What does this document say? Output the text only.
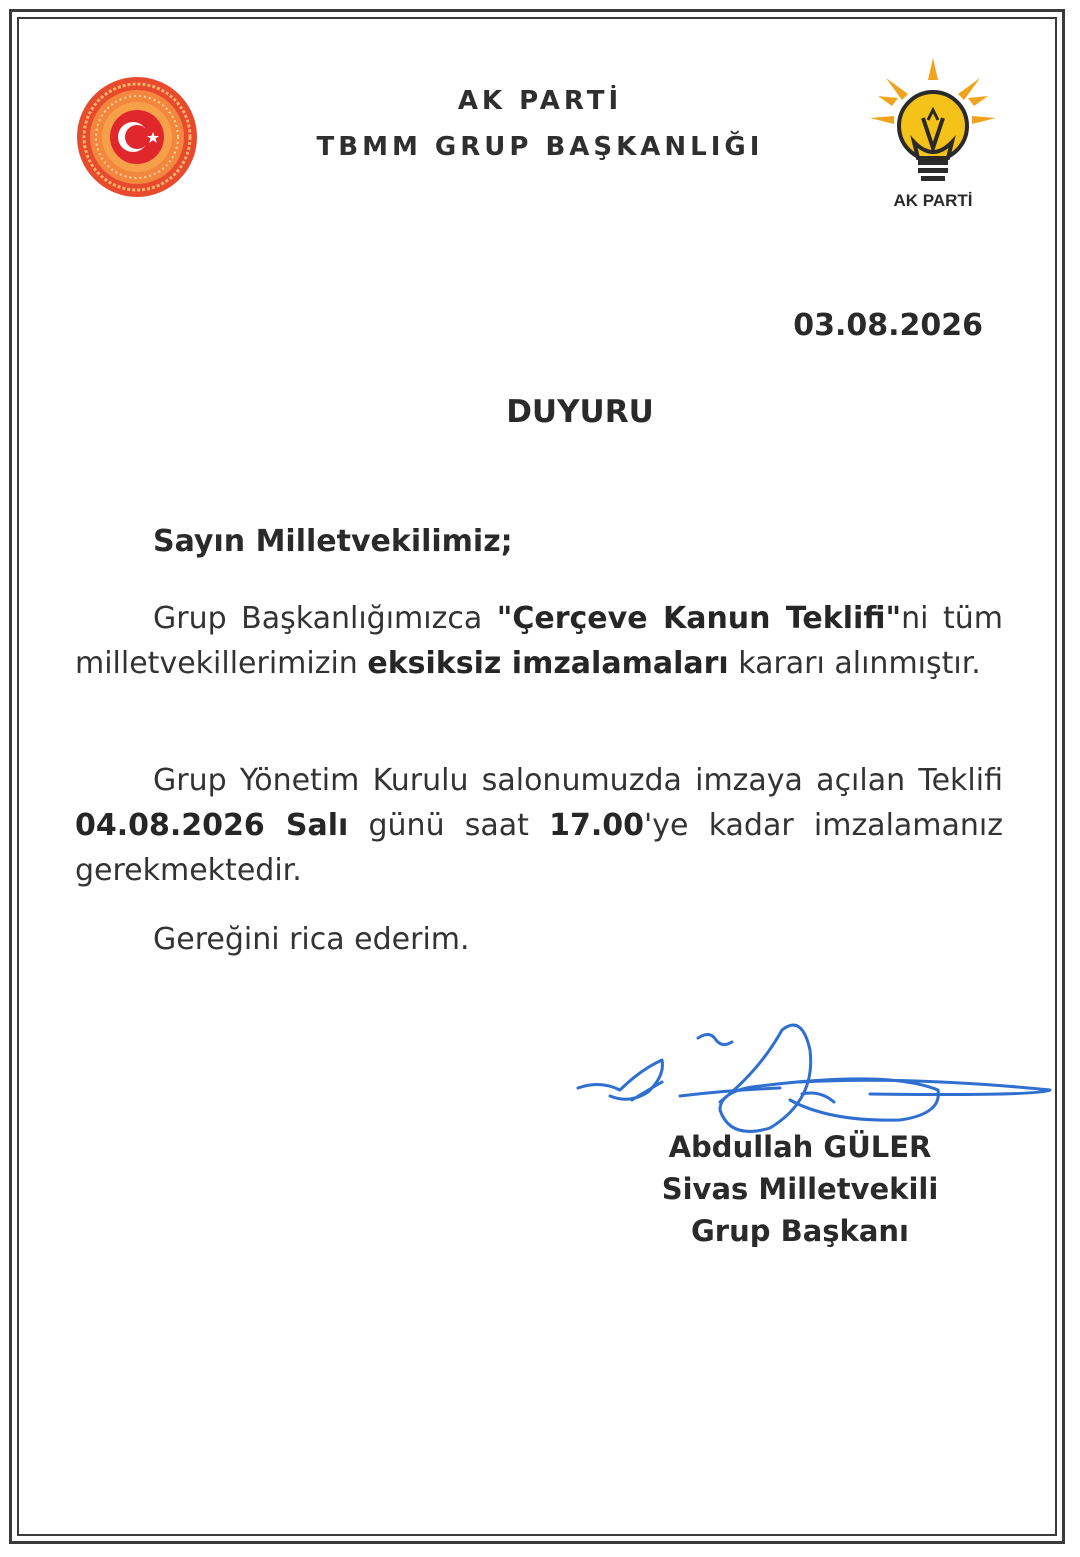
AK PARTİ
AK PARTİ
TBMM GRUP BAŞKANLIĞI
03.08.2026
DUYURU
Sayın Milletvekilimiz;
Grup Başkanlığımızca "Çerçeve Kanun Teklifi"ni tüm milletvekillerimizin eksiksiz imzalamaları kararı alınmıştır.
Grup Yönetim Kurulu salonumuzda imzaya açılan Teklifi 04.08.2026 Salı günü saat 17.00'ye kadar imzalamanız gerekmektedir.
Gereğini rica ederim.
Abdullah GÜLER
Sivas Milletvekili
Grup Başkanı
